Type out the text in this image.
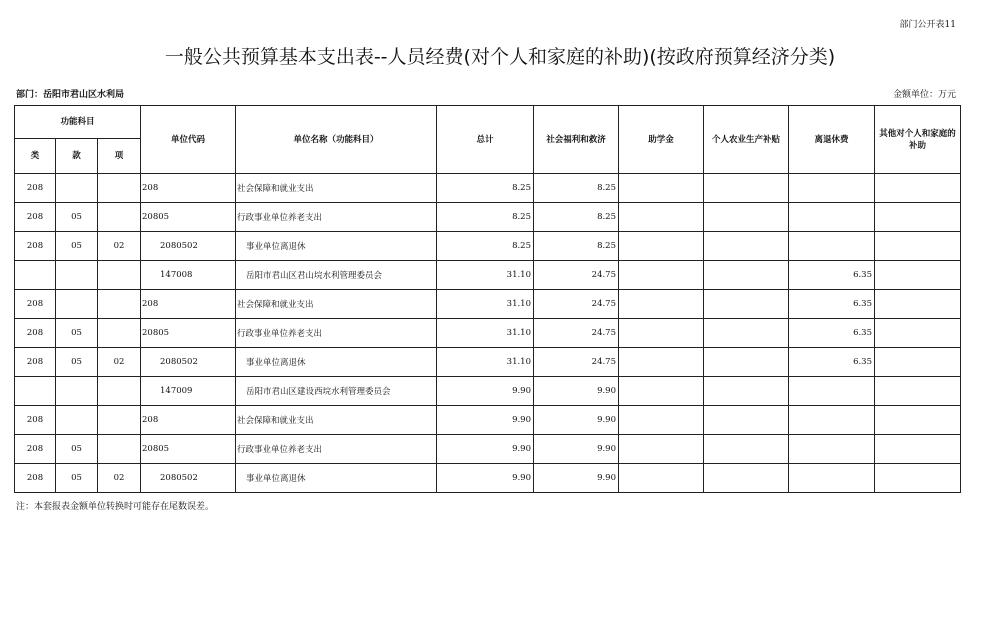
部门公开表11
一般公共预算基本支出表--人员经费(对个人和家庭的补助)(按政府预算经济分类)
部门：岳阳市君山区水利局	金额单位：万元
功能科目			单位代码	单位名称（功能科目）	总计	社会福利和救济	助学金	个人农业生产补贴	离退休费	其他对个人和家庭的补助
类	款	项								
208			208	社会保障和就业支出	8.25	8.25				
208	05		20805	行政事业单位养老支出	8.25	8.25				
208	05	02	2080502	事业单位离退休	8.25	8.25				
			147008	岳阳市君山区君山垸水利管理委员会	31.10	24.75			6.35	
208			208	社会保障和就业支出	31.10	24.75			6.35	
208	05		20805	行政事业单位养老支出	31.10	24.75			6.35	
208	05	02	2080502	事业单位离退休	31.10	24.75			6.35	
			147009	岳阳市君山区建设西垸水利管理委员会	9.90	9.90				
208			208	社会保障和就业支出	9.90	9.90				
208	05		20805	行政事业单位养老支出	9.90	9.90				
208	05	02	2080502	事业单位离退休	9.90	9.90				
注：本套报表金额单位转换时可能存在尾数误差。
